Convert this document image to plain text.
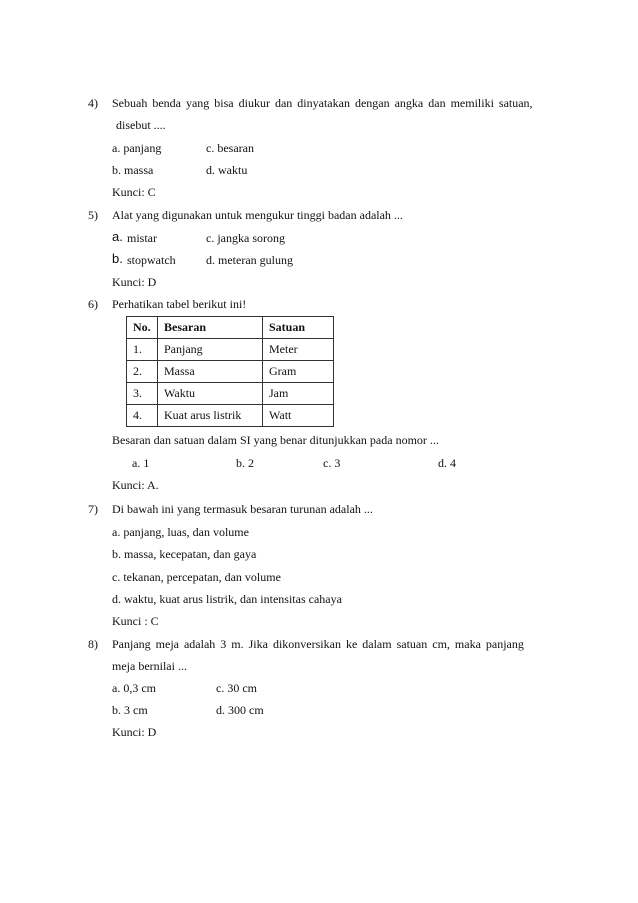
4) Sebuah benda yang bisa diukur dan dinyatakan dengan angka dan memiliki satuan,
disebut ....
a. panjang	c. besaran
b. massa	d. waktu
Kunci: C
5) Alat yang digunakan untuk mengukur tinggi badan adalah ...
a. mistar	c. jangka sorong
b. stopwatch	d. meteran gulung
Kunci: D
6) Perhatikan tabel berikut ini!
No.	Besaran	Satuan
1.	Panjang	Meter
2.	Massa	Gram
3.	Waktu	Jam
4.	Kuat arus listrik	Watt
Besaran dan satuan dalam SI yang benar ditunjukkan pada nomor ...
a. 1	b. 2	c. 3	d. 4
Kunci: A.
7) Di bawah ini yang termasuk besaran turunan adalah ...
a. panjang, luas, dan volume
b. massa, kecepatan, dan gaya
c. tekanan, percepatan, dan volume
d. waktu, kuat arus listrik, dan intensitas cahaya
Kunci : C
8) Panjang meja adalah 3 m. Jika dikonversikan ke dalam satuan cm, maka panjang
meja bernilai ...
a. 0,3 cm	c. 30 cm
b. 3 cm	d. 300 cm
Kunci: D
